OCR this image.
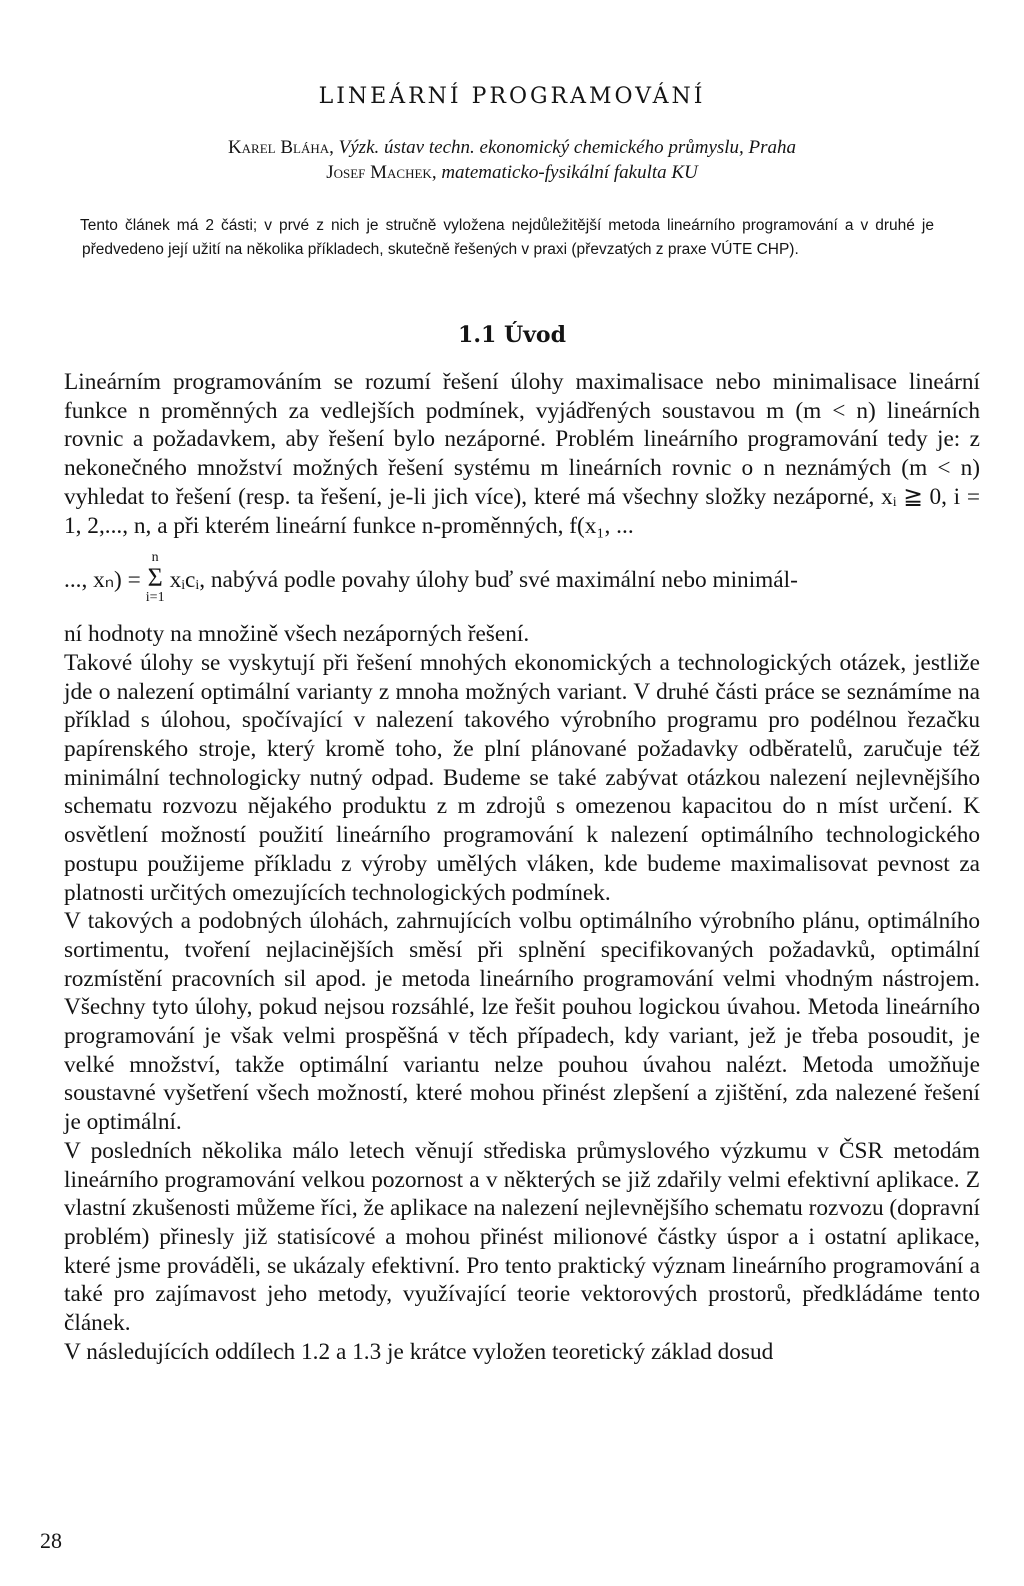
LINEÁRNÍ PROGRAMOVÁNÍ
Karel Bláha, Výzk. ústav techn. ekonomický chemického průmyslu, Praha
Josef Machek, matematicko-fysikální fakulta KU
Tento článek má 2 části; v prvé z nich je stručně vyložena nejdůležitější metoda lineárního programování a v druhé je předvedeno její užití na několika příkladech, skutečně řešených v praxi (převzatých z praxe VÚTE CHP).
1.1 Úvod

Lineárním programováním se rozumí řešení úlohy maximalisace nebo minimalisace lineární funkce n proměnných za vedlejších podmínek, vyjádřených soustavou m (m < n) lineárních rovnic a požadavkem, aby řešení bylo nezáporné. Problém lineárního programování tedy je: z nekonečného množství možných řešení systému m lineárních rovnic o n neznámých (m < n) vyhledat to řešení (resp. ta řešení, je-li jich více), které má všechny složky nezáporné, xᵢ ≧ 0, i = 1, 2,..., n, a při kterém lineární funkce n-proměnných, f(x₁, ...

..., xₙ) =
n
Σ
i=1
xᵢcᵢ,
nabývá podle povahy úlohy buď své maximální nebo minimál-

ní hodnoty na množině všech nezáporných řešení.

Takové úlohy se vyskytují při řešení mnohých ekonomických a technologických otázek, jestliže jde o nalezení optimální varianty z mnoha možných variant. V druhé části práce se seznámíme na příklad s úlohou, spočívající v nalezení takového výrobního programu pro podélnou řezačku papírenského stroje, který kromě toho, že plní plánované požadavky odběratelů, zaručuje též minimální technologicky nutný odpad. Budeme se také zabývat otázkou nalezení nejlevnějšího schematu rozvozu nějakého produktu z m zdrojů s omezenou kapacitou do n míst určení. K osvětlení možností použití lineárního programování k nalezení optimálního technologického postupu použijeme příkladu z výroby umělých vláken, kde budeme maximalisovat pevnost za platnosti určitých omezujících technologických podmínek.

V takových a podobných úlohách, zahrnujících volbu optimálního výrobního plánu, optimálního sortimentu, tvoření nejlacinějších směsí při splnění specifikovaných požadavků, optimální rozmístění pracovních sil apod. je metoda lineárního programování velmi vhodným nástrojem. Všechny tyto úlohy, pokud nejsou rozsáhlé, lze řešit pouhou logickou úvahou. Metoda lineárního programování je však velmi prospěšná v těch případech, kdy variant, jež je třeba posoudit, je velké množství, takže optimální variantu nelze pouhou úvahou nalézt. Metoda umožňuje soustavné vyšetření všech možností, které mohou přinést zlepšení a zjištění, zda nalezené řešení je optimální.

V posledních několika málo letech věnují střediska průmyslového výzkumu v ČSR metodám lineárního programování velkou pozornost a v některých se již zdařily velmi efektivní aplikace. Z vlastní zkušenosti můžeme říci, že aplikace na nalezení nejlevnějšího schematu rozvozu (dopravní problém) přinesly již statisícové a mohou přinést milionové částky úspor a i ostatní aplikace, které jsme prováděli, se ukázaly efektivní. Pro tento praktický význam lineárního programování a také pro zajímavost jeho metody, využívající teorie vektorových prostorů, předkládáme tento článek.

V následujících oddílech 1.2 a 1.3 je krátce vyložen teoretický základ dosud

28
